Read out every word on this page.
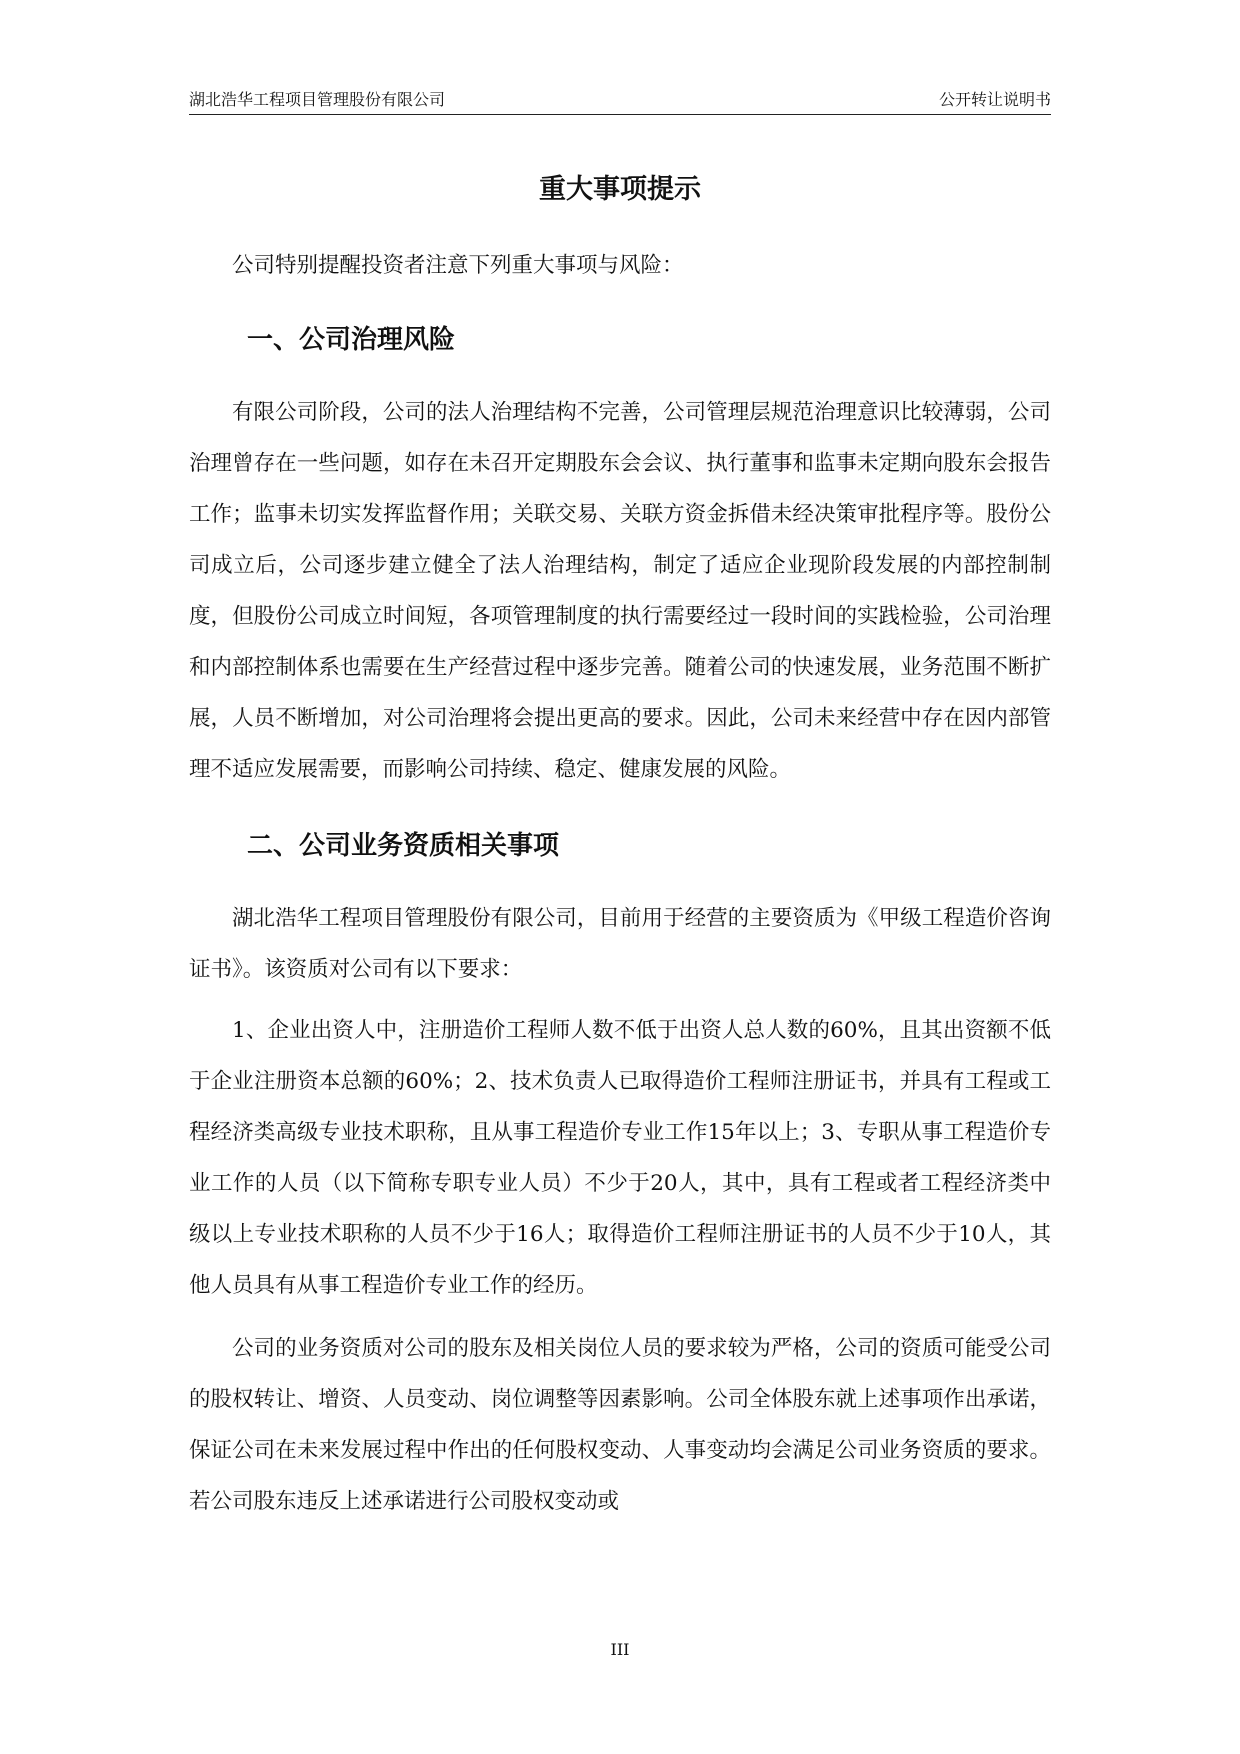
湖北浩华工程项目管理股份有限公司	公开转让说明书
重大事项提示

公司特别提醒投资者注意下列重大事项与风险：

一、公司治理风险

有限公司阶段，公司的法人治理结构不完善，公司管理层规范治理意识比较薄弱，公司治理曾存在一些问题，如存在未召开定期股东会会议、执行董事和监事未定期向股东会报告工作；监事未切实发挥监督作用；关联交易、关联方资金拆借未经决策审批程序等。股份公司成立后，公司逐步建立健全了法人治理结构，制定了适应企业现阶段发展的内部控制制度，但股份公司成立时间短，各项管理制度的执行需要经过一段时间的实践检验，公司治理和内部控制体系也需要在生产经营过程中逐步完善。随着公司的快速发展，业务范围不断扩展，人员不断增加，对公司治理将会提出更高的要求。因此，公司未来经营中存在因内部管理不适应发展需要，而影响公司持续、稳定、健康发展的风险。

二、公司业务资质相关事项

湖北浩华工程项目管理股份有限公司，目前用于经营的主要资质为《甲级工程造价咨询证书》。该资质对公司有以下要求：

1、企业出资人中，注册造价工程师人数不低于出资人总人数的60%，且其出资额不低于企业注册资本总额的60%；2、技术负责人已取得造价工程师注册证书，并具有工程或工程经济类高级专业技术职称，且从事工程造价专业工作15年以上；3、专职从事工程造价专业工作的人员（以下简称专职专业人员）不少于20人，其中，具有工程或者工程经济类中级以上专业技术职称的人员不少于16人；取得造价工程师注册证书的人员不少于10人，其他人员具有从事工程造价专业工作的经历。

公司的业务资质对公司的股东及相关岗位人员的要求较为严格，公司的资质可能受公司的股权转让、增资、人员变动、岗位调整等因素影响。公司全体股东就上述事项作出承诺，保证公司在未来发展过程中作出的任何股权变动、人事变动均会满足公司业务资质的要求。若公司股东违反上述承诺进行公司股权变动或

III
